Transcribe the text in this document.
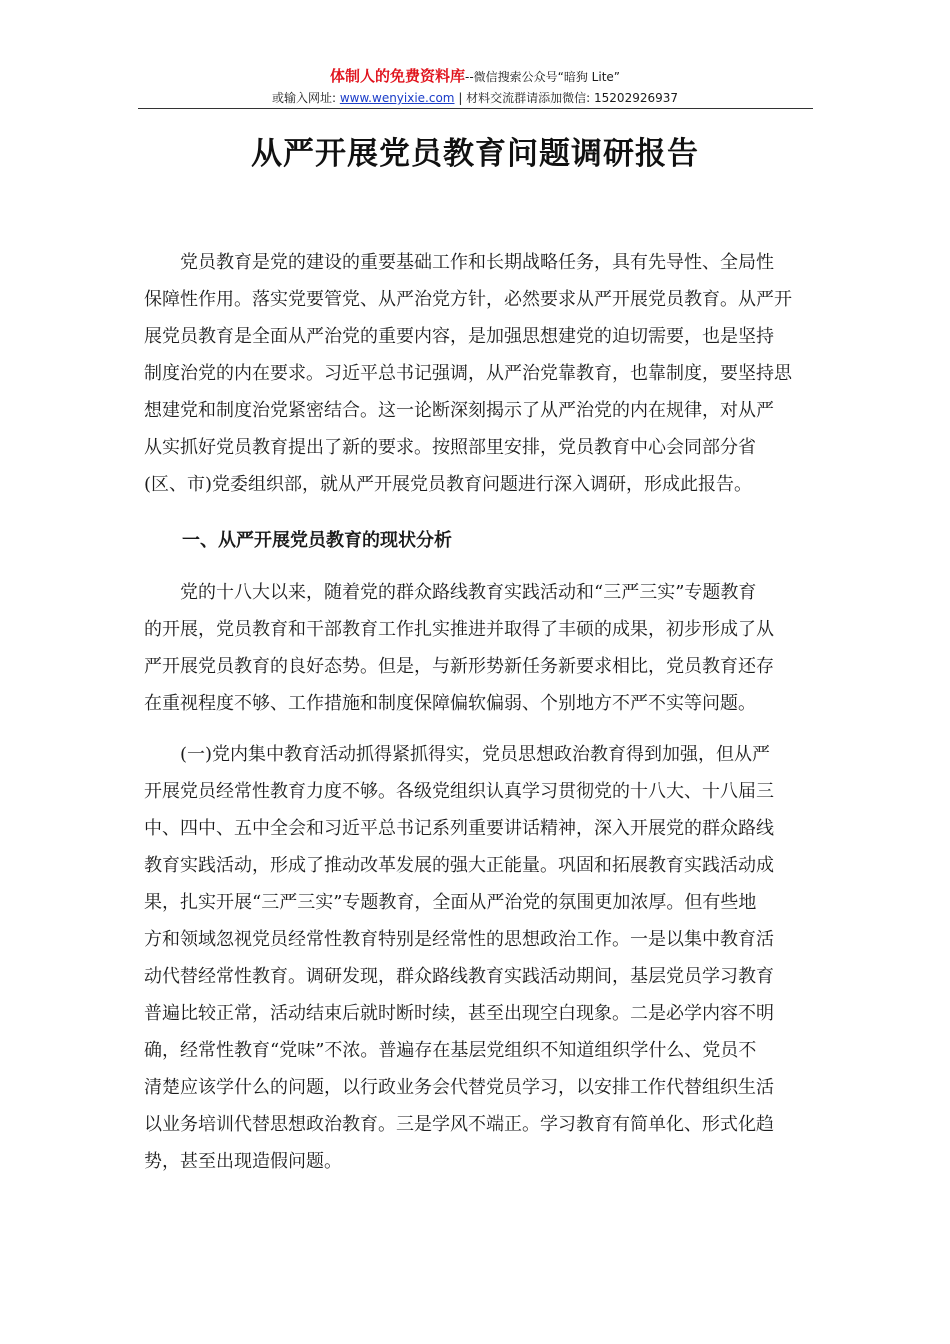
体制人的免费资料库--微信搜索公众号“暗狗 Lite”
或输入网址: www.wenyixie.com | 材料交流群请添加微信: 15202926937
从严开展党员教育问题调研报告
　　党员教育是党的建设的重要基础工作和长期战略任务，具有先导性、全局性
保障性作用。落实党要管党、从严治党方针，必然要求从严开展党员教育。从严开
展党员教育是全面从严治党的重要内容，是加强思想建党的迫切需要，也是坚持
制度治党的内在要求。习近平总书记强调，从严治党靠教育，也靠制度，要坚持思
想建党和制度治党紧密结合。这一论断深刻揭示了从严治党的内在规律，对从严
从实抓好党员教育提出了新的要求。按照部里安排，党员教育中心会同部分省
(区、市)党委组织部，就从严开展党员教育问题进行深入调研，形成此报告。
一、从严开展党员教育的现状分析
　　党的十八大以来，随着党的群众路线教育实践活动和“三严三实”专题教育
的开展，党员教育和干部教育工作扎实推进并取得了丰硕的成果，初步形成了从
严开展党员教育的良好态势。但是，与新形势新任务新要求相比，党员教育还存
在重视程度不够、工作措施和制度保障偏软偏弱、个别地方不严不实等问题。
　　(一)党内集中教育活动抓得紧抓得实，党员思想政治教育得到加强，但从严
开展党员经常性教育力度不够。各级党组织认真学习贯彻党的十八大、十八届三
中、四中、五中全会和习近平总书记系列重要讲话精神，深入开展党的群众路线
教育实践活动，形成了推动改革发展的强大正能量。巩固和拓展教育实践活动成
果，扎实开展“三严三实”专题教育，全面从严治党的氛围更加浓厚。但有些地
方和领域忽视党员经常性教育特别是经常性的思想政治工作。一是以集中教育活
动代替经常性教育。调研发现，群众路线教育实践活动期间，基层党员学习教育
普遍比较正常，活动结束后就时断时续，甚至出现空白现象。二是必学内容不明
确，经常性教育“党味”不浓。普遍存在基层党组织不知道组织学什么、党员不
清楚应该学什么的问题，以行政业务会代替党员学习，以安排工作代替组织生活
以业务培训代替思想政治教育。三是学风不端正。学习教育有简单化、形式化趋
势，甚至出现造假问题。
